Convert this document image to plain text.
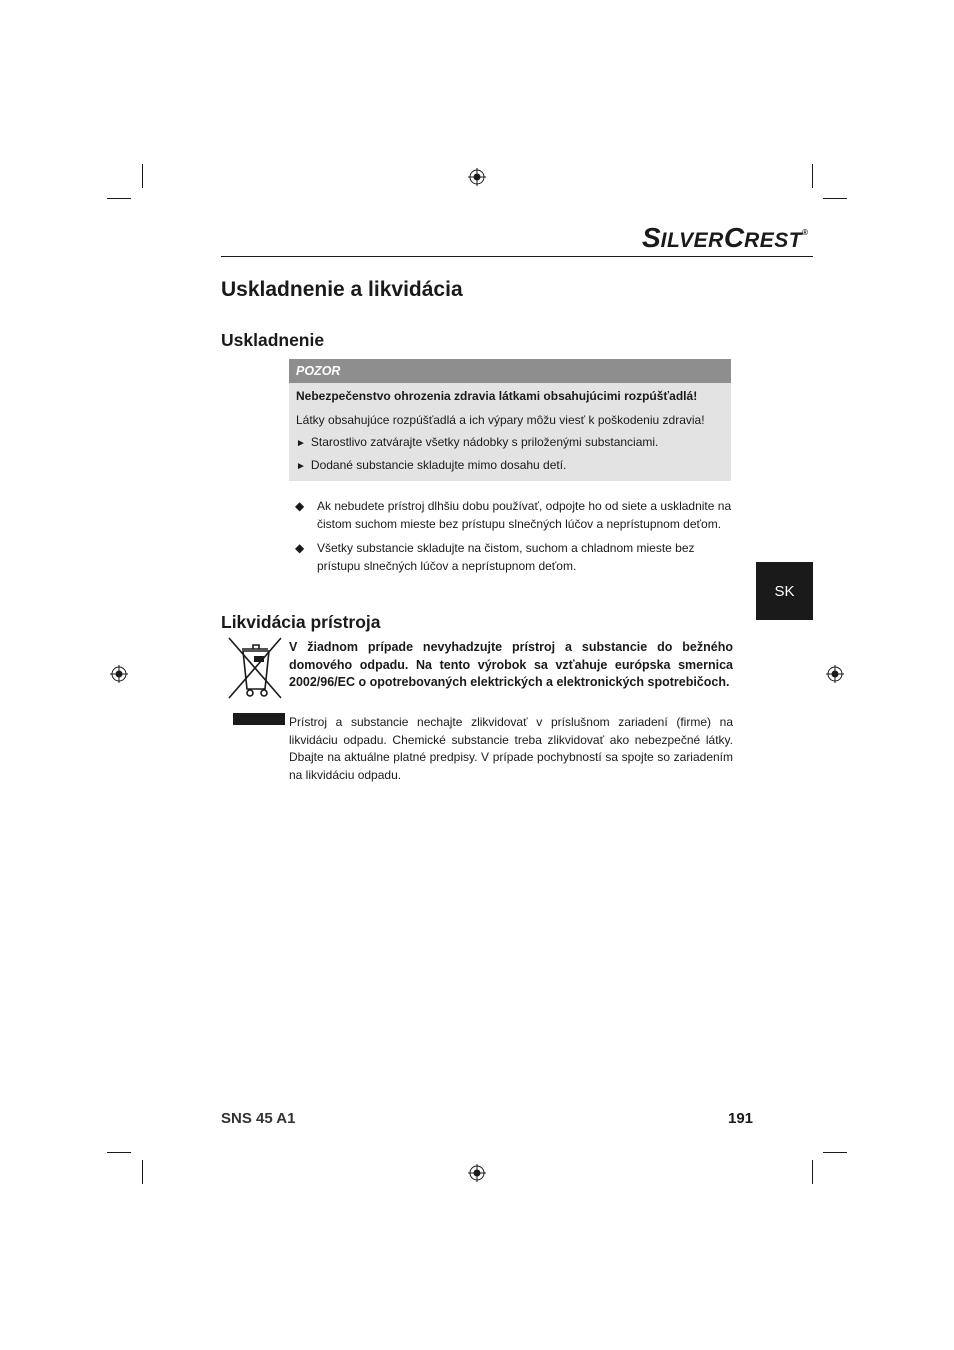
SILVERCREST®
Uskladnenie a likvidácia
Uskladnenie
POZOR
Nebezpečenstvo ohrozenia zdravia látkami obsahujúcimi rozpúšťadlá!
Látky obsahujúce rozpúšťadlá a ich výpary môžu viesť k poškodeniu zdravia!
► Starostlivo zatvárajte všetky nádobky s priloženými substanciami.
► Dodané substancie skladujte mimo dosahu detí.
◆	Ak nebudete prístroj dlhšiu dobu používať, odpojte ho od siete a uskladnite na čistom suchom mieste bez prístupu slnečných lúčov a neprístupnom deťom.
◆	Všetky substancie skladujte na čistom, suchom a chladnom mieste bez prístupu slnečných lúčov a neprístupnom deťom.
SK
Likvidácia prístroja
V žiadnom prípade nevyhadzujte prístroj a substancie do bežného domového odpadu. Na tento výrobok sa vzťahuje európska smernica 2002/96/EC o opotrebovaných elektrických a elektronických spotrebičoch.
Prístroj a substancie nechajte zlikvidovať v príslušnom zariadení (firme) na likvidáciu odpadu. Chemické substancie treba zlikvidovať ako nebezpečné látky. Dbajte na aktuálne platné predpisy. V prípade pochybností sa spojte so zariadením na likvidáciu odpadu.
SNS 45 A1	191
